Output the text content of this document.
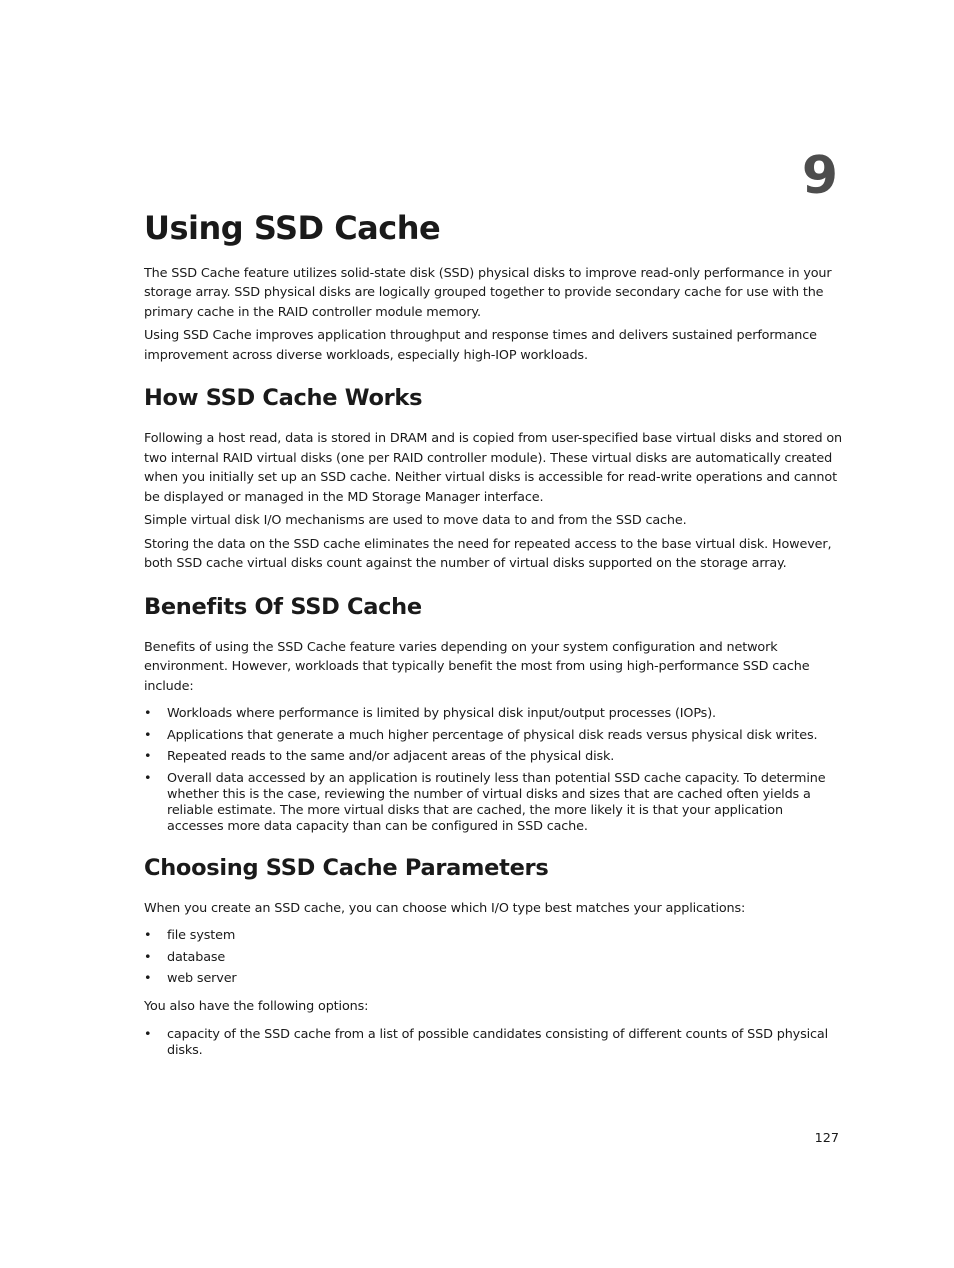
9
Using SSD Cache

The SSD Cache feature utilizes solid-state disk (SSD) physical disks to improve read-only performance in your storage array. SSD physical disks are logically grouped together to provide secondary cache for use with the primary cache in the RAID controller module memory.

Using SSD Cache improves application throughput and response times and delivers sustained performance improvement across diverse workloads, especially high-IOP workloads.

How SSD Cache Works

Following a host read, data is stored in DRAM and is copied from user-specified base virtual disks and stored on two internal RAID virtual disks (one per RAID controller module). These virtual disks are automatically created when you initially set up an SSD cache. Neither virtual disks is accessible for read-write operations and cannot be displayed or managed in the MD Storage Manager interface.

Simple virtual disk I/O mechanisms are used to move data to and from the SSD cache.

Storing the data on the SSD cache eliminates the need for repeated access to the base virtual disk. However, both SSD cache virtual disks count against the number of virtual disks supported on the storage array.

Benefits Of SSD Cache

Benefits of using the SSD Cache feature varies depending on your system configuration and network environment. However, workloads that typically benefit the most from using high-performance SSD cache include:

• Workloads where performance is limited by physical disk input/output processes (IOPs).
• Applications that generate a much higher percentage of physical disk reads versus physical disk writes.
• Repeated reads to the same and/or adjacent areas of the physical disk.
• Overall data accessed by an application is routinely less than potential SSD cache capacity. To determine whether this is the case, reviewing the number of virtual disks and sizes that are cached often yields a reliable estimate. The more virtual disks that are cached, the more likely it is that your application accesses more data capacity than can be configured in SSD cache.
Choosing SSD Cache Parameters

When you create an SSD cache, you can choose which I/O type best matches your applications:

• file system
• database
• web server

You also have the following options:

• capacity of the SSD cache from a list of possible candidates consisting of different counts of SSD physical disks.
127
